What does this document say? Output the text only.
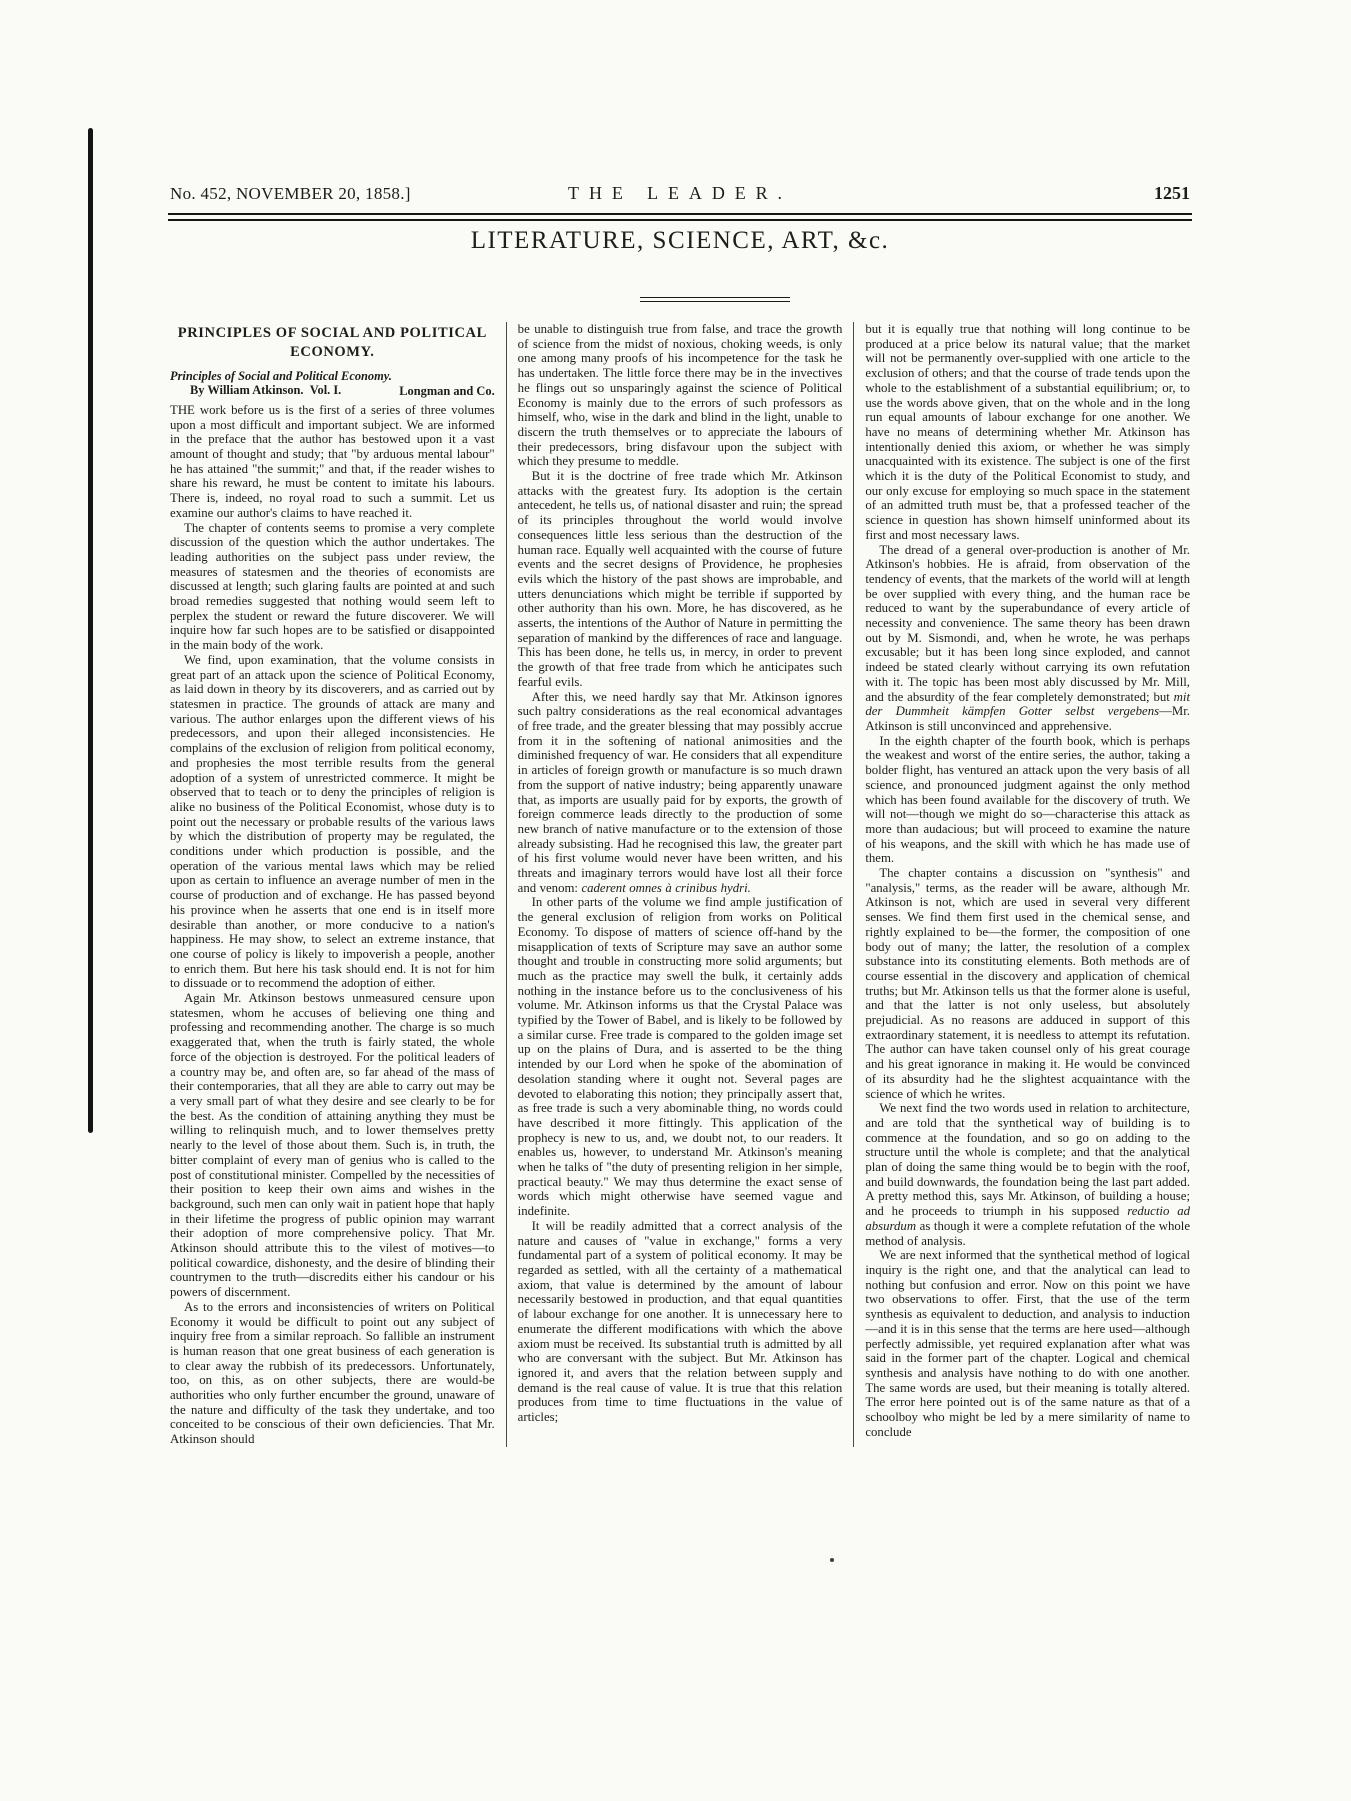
No. 452, NOVEMBER 20, 1858.]	THE LEADER.	1251
LITERATURE, SCIENCE, ART, &c.
PRINCIPLES OF SOCIAL AND POLITICAL ECONOMY.
Longman and Co.
Principles of Social and Political Economy. By William Atkinson. Vol. I.

THE work before us is the first of a series of three volumes upon a most difficult and important subject. We are informed in the preface that the author has bestowed upon it a vast amount of thought and study; that "by arduous mental labour" he has attained "the summit;" and that, if the reader wishes to share his reward, he must be content to imitate his labours. There is, indeed, no royal road to such a summit. Let us examine our author's claims to have reached it.

The chapter of contents seems to promise a very complete discussion of the question which the author undertakes. The leading authorities on the subject pass under review, the measures of statesmen and the theories of economists are discussed at length; such glaring faults are pointed at and such broad remedies suggested that nothing would seem left to perplex the student or reward the future discoverer. We will inquire how far such hopes are to be satisfied or disappointed in the main body of the work.

We find, upon examination, that the volume consists in great part of an attack upon the science of Political Economy, as laid down in theory by its discoverers, and as carried out by statesmen in practice. The grounds of attack are many and various. The author enlarges upon the different views of his predecessors, and upon their alleged inconsistencies. He complains of the exclusion of religion from political economy, and prophesies the most terrible results from the general adoption of a system of unrestricted commerce. It might be observed that to teach or to deny the principles of religion is alike no business of the Political Economist, whose duty is to point out the necessary or probable results of the various laws by which the distribution of property may be regulated, the conditions under which production is possible, and the operation of the various mental laws which may be relied upon as certain to influence an average number of men in the course of production and of exchange. He has passed beyond his province when he asserts that one end is in itself more desirable than another, or more conducive to a nation's happiness. He may show, to select an extreme instance, that one course of policy is likely to impoverish a people, another to enrich them. But here his task should end. It is not for him to dissuade or to recommend the adoption of either.

Again Mr. Atkinson bestows unmeasured censure upon statesmen, whom he accuses of believing one thing and professing and recommending another. The charge is so much exaggerated that, when the truth is fairly stated, the whole force of the objection is destroyed. For the political leaders of a country may be, and often are, so far ahead of the mass of their contemporaries, that all they are able to carry out may be a very small part of what they desire and see clearly to be for the best. As the condition of attaining anything they must be willing to relinquish much, and to lower themselves pretty nearly to the level of those about them. Such is, in truth, the bitter complaint of every man of genius who is called to the post of constitutional minister. Compelled by the necessities of their position to keep their own aims and wishes in the background, such men can only wait in patient hope that haply in their lifetime the progress of public opinion may warrant their adoption of more comprehensive policy. That Mr. Atkinson should attribute this to the vilest of motives—to political cowardice, dishonesty, and the desire of blinding their countrymen to the truth—discredits either his candour or his powers of discernment.

As to the errors and inconsistencies of writers on Political Economy it would be difficult to point out any subject of inquiry free from a similar reproach. So fallible an instrument is human reason that one great business of each generation is to clear away the rubbish of its predecessors. Unfortunately, too, on this, as on other subjects, there are would-be authorities who only further encumber the ground, unaware of the nature and difficulty of the task they undertake, and too conceited to be conscious of their own deficiencies. That Mr. Atkinson should

be unable to distinguish true from false, and trace the growth of science from the midst of noxious, choking weeds, is only one among many proofs of his incompetence for the task he has undertaken. The little force there may be in the invectives he flings out so unsparingly against the science of Political Economy is mainly due to the errors of such professors as himself, who, wise in the dark and blind in the light, unable to discern the truth themselves or to appreciate the labours of their predecessors, bring disfavour upon the subject with which they presume to meddle.

But it is the doctrine of free trade which Mr. Atkinson attacks with the greatest fury. Its adoption is the certain antecedent, he tells us, of national disaster and ruin; the spread of its principles throughout the world would involve consequences little less serious than the destruction of the human race. Equally well acquainted with the course of future events and the secret designs of Providence, he prophesies evils which the history of the past shows are improbable, and utters denunciations which might be terrible if supported by other authority than his own. More, he has discovered, as he asserts, the intentions of the Author of Nature in permitting the separation of mankind by the differences of race and language. This has been done, he tells us, in mercy, in order to prevent the growth of that free trade from which he anticipates such fearful evils.

After this, we need hardly say that Mr. Atkinson ignores such paltry considerations as the real economical advantages of free trade, and the greater blessing that may possibly accrue from it in the softening of national animosities and the diminished frequency of war. He considers that all expenditure in articles of foreign growth or manufacture is so much drawn from the support of native industry; being apparently unaware that, as imports are usually paid for by exports, the growth of foreign commerce leads directly to the production of some new branch of native manufacture or to the extension of those already subsisting. Had he recognised this law, the greater part of his first volume would never have been written, and his threats and imaginary terrors would have lost all their force and venom: caderent omnes à crinibus hydri.

In other parts of the volume we find ample justification of the general exclusion of religion from works on Political Economy. To dispose of matters of science off-hand by the misapplication of texts of Scripture may save an author some thought and trouble in constructing more solid arguments; but much as the practice may swell the bulk, it certainly adds nothing in the instance before us to the conclusiveness of his volume. Mr. Atkinson informs us that the Crystal Palace was typified by the Tower of Babel, and is likely to be followed by a similar curse. Free trade is compared to the golden image set up on the plains of Dura, and is asserted to be the thing intended by our Lord when he spoke of the abomination of desolation standing where it ought not. Several pages are devoted to elaborating this notion; they principally assert that, as free trade is such a very abominable thing, no words could have described it more fittingly. This application of the prophecy is new to us, and, we doubt not, to our readers. It enables us, however, to understand Mr. Atkinson's meaning when he talks of "the duty of presenting religion in her simple, practical beauty." We may thus determine the exact sense of words which might otherwise have seemed vague and indefinite.

It will be readily admitted that a correct analysis of the nature and causes of "value in exchange," forms a very fundamental part of a system of political economy. It may be regarded as settled, with all the certainty of a mathematical axiom, that value is determined by the amount of labour necessarily bestowed in production, and that equal quantities of labour exchange for one another. It is unnecessary here to enumerate the different modifications with which the above axiom must be received. Its substantial truth is admitted by all who are conversant with the subject. But Mr. Atkinson has ignored it, and avers that the relation between supply and demand is the real cause of value. It is true that this relation produces from time to time fluctuations in the value of articles;

but it is equally true that nothing will long continue to be produced at a price below its natural value; that the market will not be permanently over-supplied with one article to the exclusion of others; and that the course of trade tends upon the whole to the establishment of a substantial equilibrium; or, to use the words above given, that on the whole and in the long run equal amounts of labour exchange for one another. We have no means of determining whether Mr. Atkinson has intentionally denied this axiom, or whether he was simply unacquainted with its existence. The subject is one of the first which it is the duty of the Political Economist to study, and our only excuse for employing so much space in the statement of an admitted truth must be, that a professed teacher of the science in question has shown himself uninformed about its first and most necessary laws.

The dread of a general over-production is another of Mr. Atkinson's hobbies. He is afraid, from observation of the tendency of events, that the markets of the world will at length be over supplied with every thing, and the human race be reduced to want by the superabundance of every article of necessity and convenience. The same theory has been drawn out by M. Sismondi, and, when he wrote, he was perhaps excusable; but it has been long since exploded, and cannot indeed be stated clearly without carrying its own refutation with it. The topic has been most ably discussed by Mr. Mill, and the absurdity of the fear completely demonstrated; but mit der Dummheit kämpfen Gotter selbst vergebens—Mr. Atkinson is still unconvinced and apprehensive.

In the eighth chapter of the fourth book, which is perhaps the weakest and worst of the entire series, the author, taking a bolder flight, has ventured an attack upon the very basis of all science, and pronounced judgment against the only method which has been found available for the discovery of truth. We will not—though we might do so—characterise this attack as more than audacious; but will proceed to examine the nature of his weapons, and the skill with which he has made use of them.

The chapter contains a discussion on "synthesis" and "analysis," terms, as the reader will be aware, although Mr. Atkinson is not, which are used in several very different senses. We find them first used in the chemical sense, and rightly explained to be—the former, the composition of one body out of many; the latter, the resolution of a complex substance into its constituting elements. Both methods are of course essential in the discovery and application of chemical truths; but Mr. Atkinson tells us that the former alone is useful, and that the latter is not only useless, but absolutely prejudicial. As no reasons are adduced in support of this extraordinary statement, it is needless to attempt its refutation. The author can have taken counsel only of his great courage and his great ignorance in making it. He would be convinced of its absurdity had he the slightest acquaintance with the science of which he writes.

We next find the two words used in relation to architecture, and are told that the synthetical way of building is to commence at the foundation, and so go on adding to the structure until the whole is complete; and that the analytical plan of doing the same thing would be to begin with the roof, and build downwards, the foundation being the last part added. A pretty method this, says Mr. Atkinson, of building a house; and he proceeds to triumph in his supposed reductio ad absurdum as though it were a complete refutation of the whole method of analysis.

We are next informed that the synthetical method of logical inquiry is the right one, and that the analytical can lead to nothing but confusion and error. Now on this point we have two observations to offer. First, that the use of the term synthesis as equivalent to deduction, and analysis to induction—and it is in this sense that the terms are here used—although perfectly admissible, yet required explanation after what was said in the former part of the chapter. Logical and chemical synthesis and analysis have nothing to do with one another. The same words are used, but their meaning is totally altered. The error here pointed out is of the same nature as that of a schoolboy who might be led by a mere similarity of name to conclude
